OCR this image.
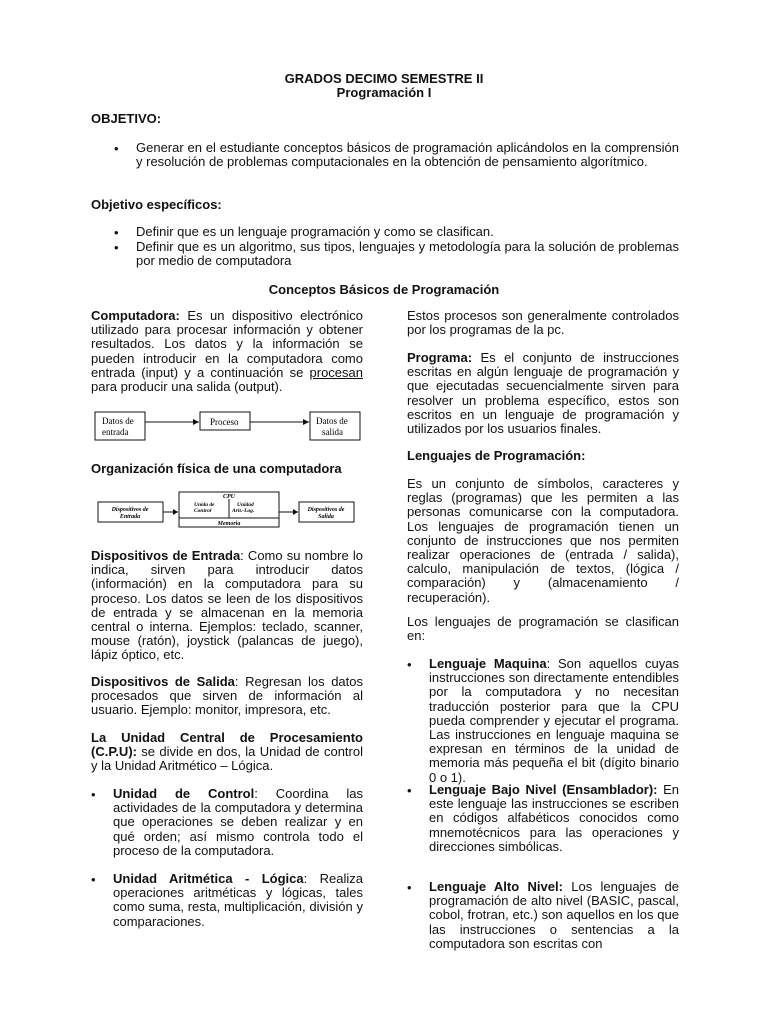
GRADOS DECIMO SEMESTRE II
Programación I
OBJETIVO:
• Generar en el estudiante conceptos básicos de programación aplicándolos en la comprensión y resolución de problemas computacionales en la obtención de pensamiento algorítmico.
Objetivo específicos:
• Definir que es un lenguaje programación y como se clasifican.
• Definir que es un algoritmo, sus tipos, lenguajes y metodología para la solución de problemas por medio de computadora
Conceptos Básicos de Programación
Computadora: Es un dispositivo electrónico utilizado para procesar información y obtener resultados. Los datos y la información se pueden introducir en la computadora como entrada (input) y a continuación se procesan para producir una salida (output).
Datos de
entrada
Proceso	Datos de
salida
Organización física de una computadora
Dispositivos de
Entrada
CPU
Unida de
Control
Unidad
Arit.-Log.
Memoria
Dispositivos de
Salida
Dispositivos de Entrada: Como su nombre lo indica, sirven para introducir datos (información) en la computadora para su proceso. Los datos se leen de los dispositivos de entrada y se almacenan en la memoria central o interna. Ejemplos: teclado, scanner, mouse (ratón), joystick (palancas de juego), lápiz óptico, etc.
Dispositivos de Salida: Regresan los datos procesados que sirven de información al usuario. Ejemplo: monitor, impresora, etc.
La Unidad Central de Procesamiento (C.P.U): se divide en dos, la Unidad de control y la Unidad Aritmético – Lógica.
• Unidad de Control: Coordina las actividades de la computadora y determina que operaciones se deben realizar y en qué orden; así mismo controla todo el proceso de la computadora.
• Unidad Aritmética - Lógica: Realiza operaciones aritméticas y lógicas, tales como suma, resta, multiplicación, división y comparaciones.
Estos procesos son generalmente controlados por los programas de la pc.
Programa: Es el conjunto de instrucciones escritas en algún lenguaje de programación y que ejecutadas secuencialmente sirven para resolver un problema específico, estos son escritos en un lenguaje de programación y utilizados por los usuarios finales.
Lenguajes de Programación:
Es un conjunto de símbolos, caracteres y reglas (programas) que les permiten a las personas comunicarse con la computadora. Los lenguajes de programación tienen un conjunto de instrucciones que nos permiten realizar operaciones de (entrada / salida), calculo, manipulación de textos, (lógica / comparación) y (almacenamiento / recuperación).
Los lenguajes de programación se clasifican en:
• Lenguaje Maquina: Son aquellos cuyas instrucciones son directamente entendibles por la computadora y no necesitan traducción posterior para que la CPU pueda comprender y ejecutar el programa. Las instrucciones en lenguaje maquina se expresan en términos de la unidad de memoria más pequeña el bit (dígito binario 0 o 1).
• Lenguaje Bajo Nivel (Ensamblador): En este lenguaje las instrucciones se escriben en códigos alfabéticos conocidos como mnemotécnicos para las operaciones y direcciones simbólicas.
• Lenguaje Alto Nivel: Los lenguajes de programación de alto nivel (BASIC, pascal, cobol, frotran, etc.) son aquellos en los que las instrucciones o sentencias a la computadora son escritas con
